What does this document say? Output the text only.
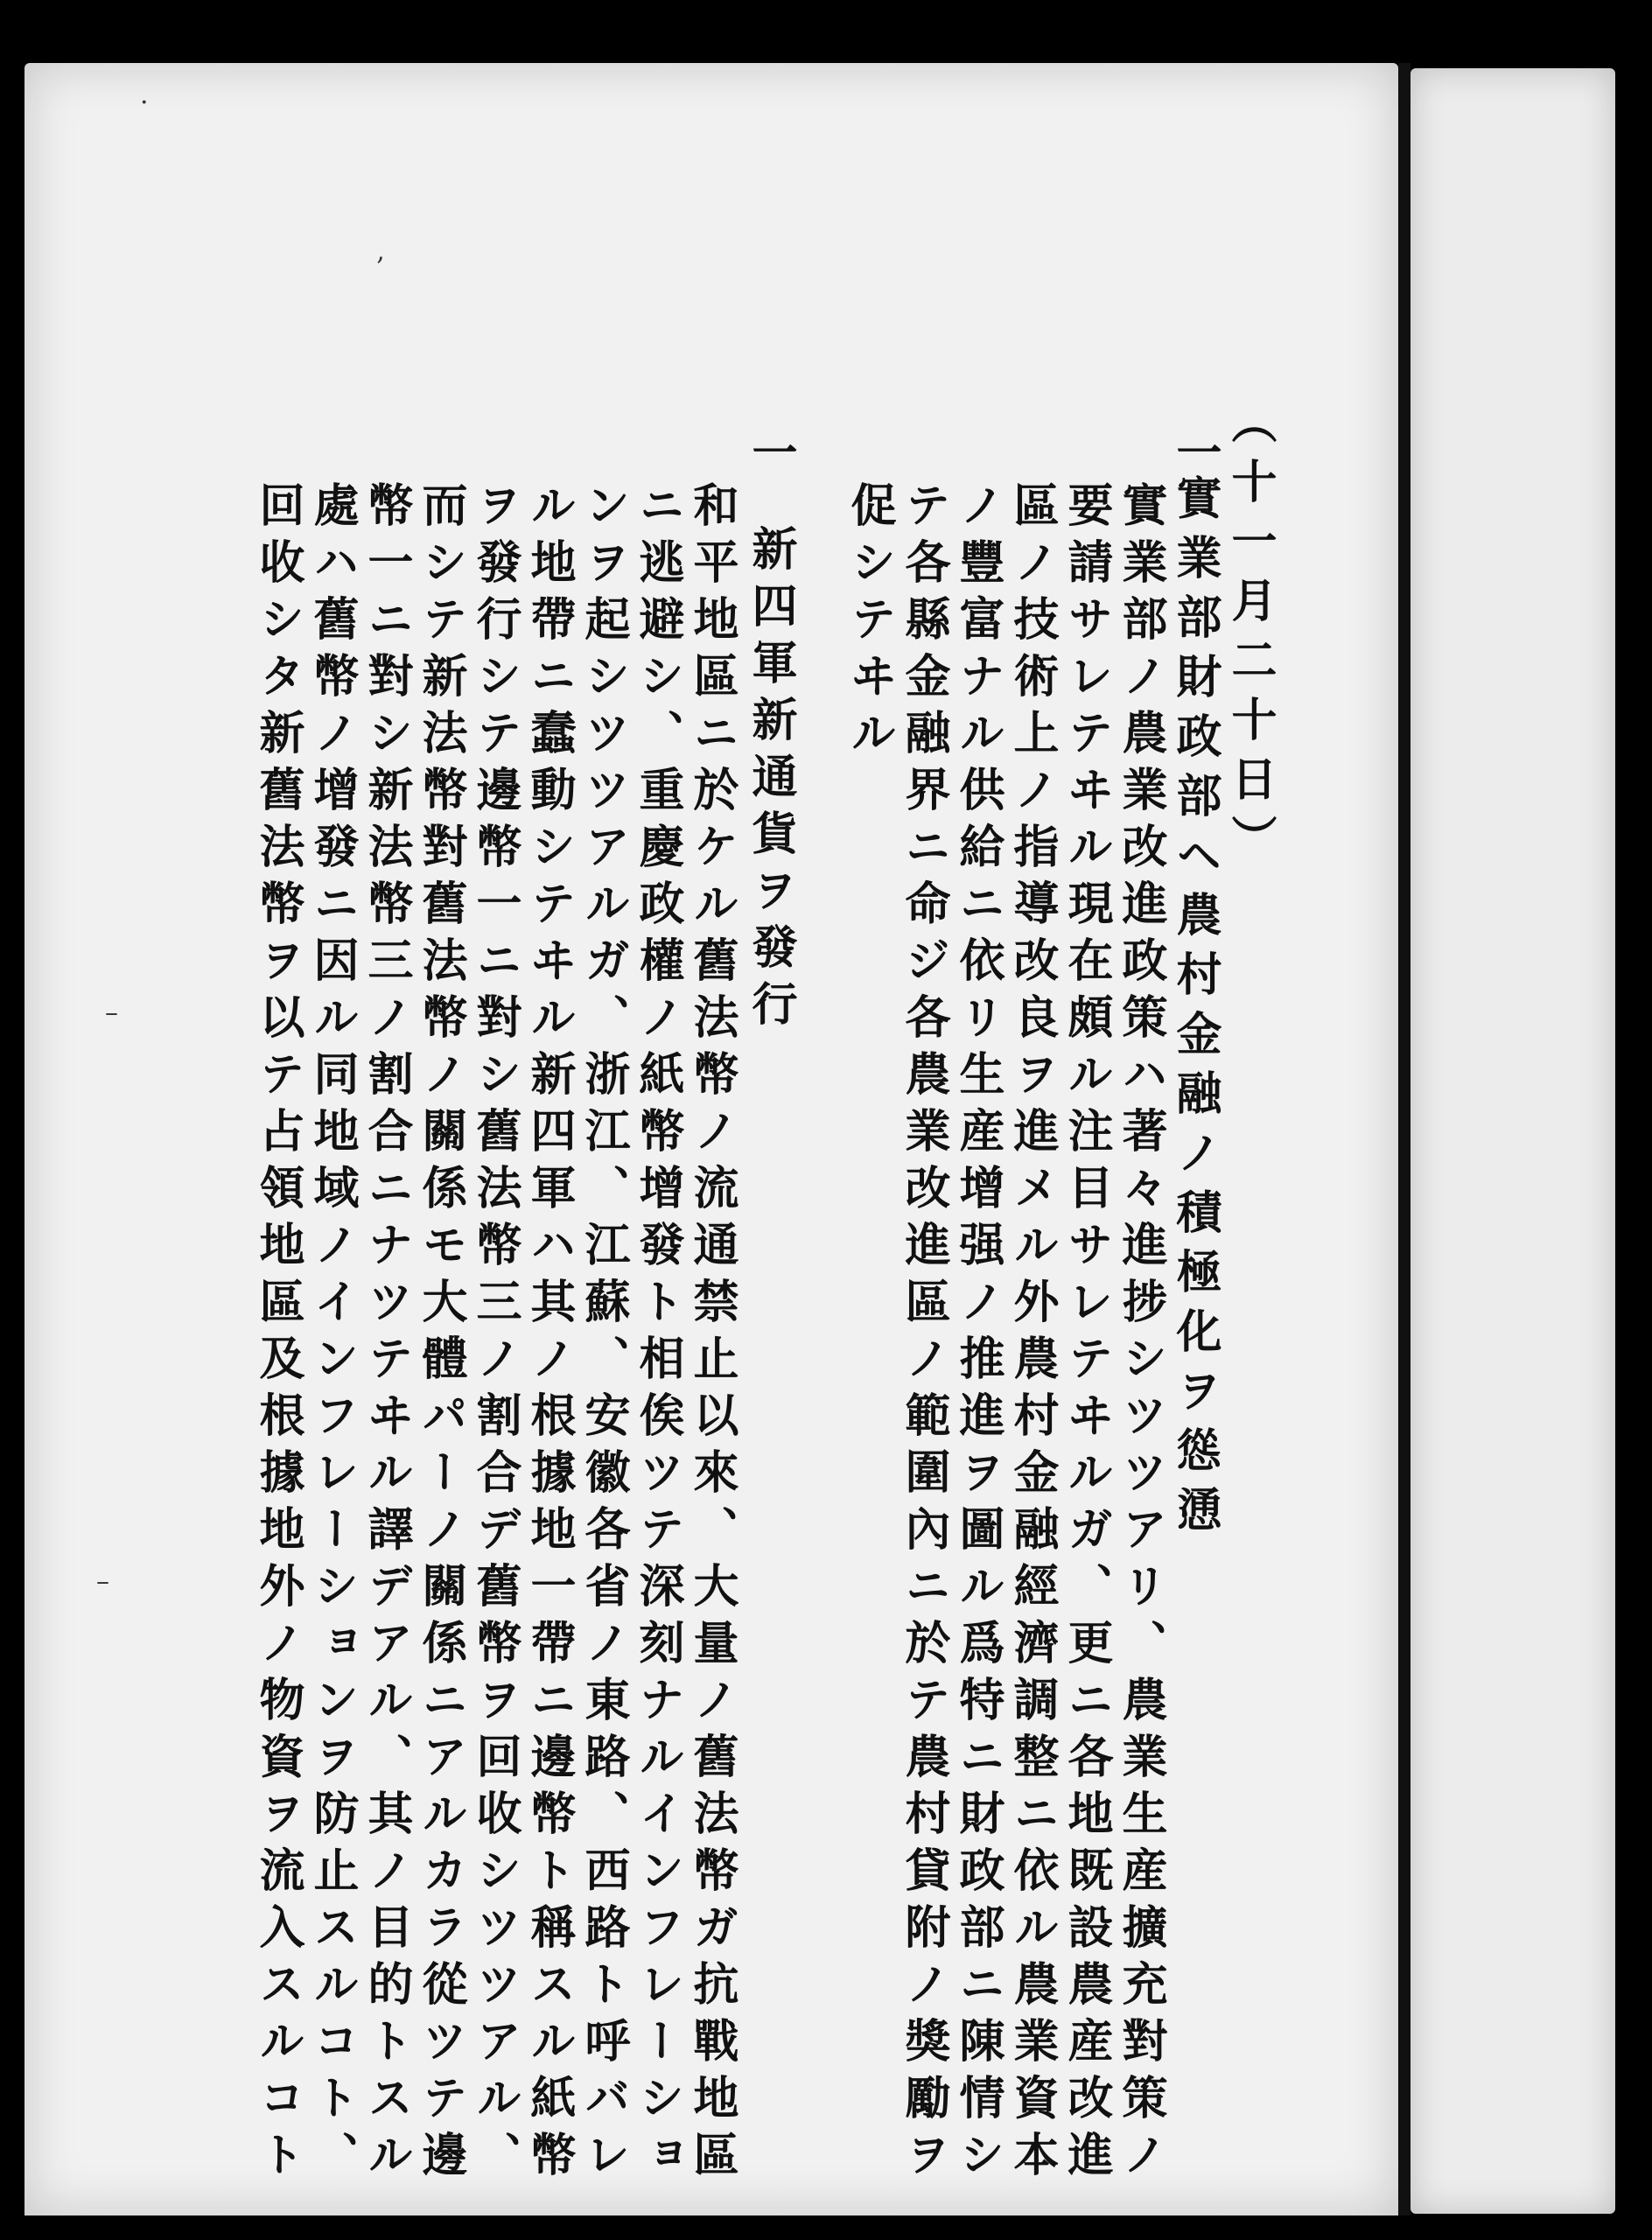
（十一月二十日）
一實業部財政部ヘ農村金融ノ積極化ヲ慫慂
實業部ノ農業改進政策ハ著々進捗シツツアリ、農業生産擴充對策ノ
要請サレテヰル現在頗ル注目サレテヰルガ、更ニ各地既設農産改進
區ノ技術上ノ指導改良ヲ進メル外農村金融經濟調整ニ依ル農業資本
ノ豐富ナル供給ニ依リ生産增强ノ推進ヲ圖ル爲特ニ財政部ニ陳情シ
テ各縣金融界ニ命ジ各農業改進區ノ範圍內ニ於テ農村貸附ノ獎勵ヲ
促シテヰル
一
新四軍新通貨ヲ發行
和平地區ニ於ケル舊法幣ノ流通禁止以來、大量ノ舊法幣ガ抗戰地區
ニ逃避シ、重慶政權ノ紙幣增發ト相俟ツテ深刻ナルインフレーショ
ンヲ起シツツアルガ、浙江、江蘇、安徽各省ノ東路、西路ト呼バレ
ル地帶ニ蠢動シテヰル新四軍ハ其ノ根據地一帶ニ邊幣ト稱スル紙幣
ヲ發行シテ邊幣一ニ對シ舊法幣三ノ割合デ舊幣ヲ回收シツツアル、
而シテ新法幣對舊法幣ノ關係モ大體パーノ關係ニアルカラ從ツテ邊
幣一ニ對シ新法幣三ノ割合ニナツテヰル譯デアル、其ノ目的トスル
處ハ舊幣ノ增發ニ因ル同地域ノインフレーションヲ防止スルコト、
回收シタ新舊法幣ヲ以テ占領地區及根據地外ノ物資ヲ流入スルコト
·
‚
–
–
